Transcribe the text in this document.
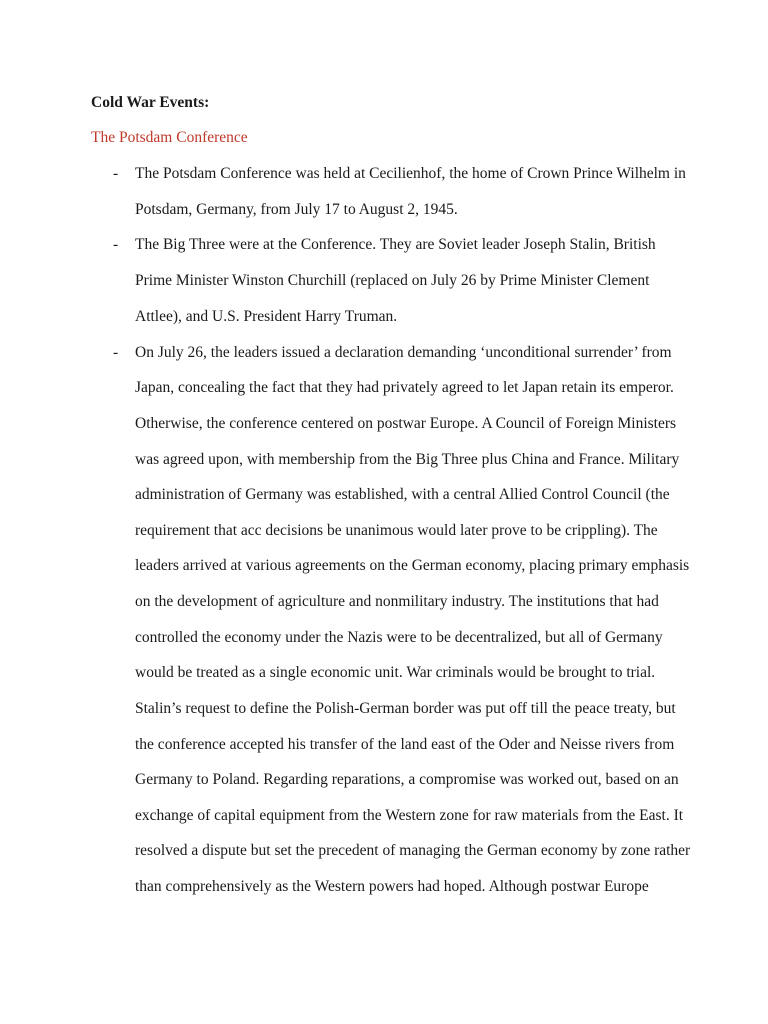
Cold War Events:
The Potsdam Conference
- The Potsdam Conference was held at Cecilienhof, the home of Crown Prince Wilhelm in
Potsdam, Germany, from July 17 to August 2, 1945.
- The Big Three were at the Conference. They are Soviet leader Joseph Stalin, British
Prime Minister Winston Churchill (replaced on July 26 by Prime Minister Clement
Attlee), and U.S. President Harry Truman.
- On July 26, the leaders issued a declaration demanding ‘unconditional surrender’ from
Japan, concealing the fact that they had privately agreed to let Japan retain its emperor.
Otherwise, the conference centered on postwar Europe. A Council of Foreign Ministers
was agreed upon, with membership from the Big Three plus China and France. Military
administration of Germany was established, with a central Allied Control Council (the
requirement that acc decisions be unanimous would later prove to be crippling). The
leaders arrived at various agreements on the German economy, placing primary emphasis
on the development of agriculture and nonmilitary industry. The institutions that had
controlled the economy under the Nazis were to be decentralized, but all of Germany
would be treated as a single economic unit. War criminals would be brought to trial.
Stalin’s request to define the Polish-German border was put off till the peace treaty, but
the conference accepted his transfer of the land east of the Oder and Neisse rivers from
Germany to Poland. Regarding reparations, a compromise was worked out, based on an
exchange of capital equipment from the Western zone for raw materials from the East. It
resolved a dispute but set the precedent of managing the German economy by zone rather
than comprehensively as the Western powers had hoped. Although postwar Europe
